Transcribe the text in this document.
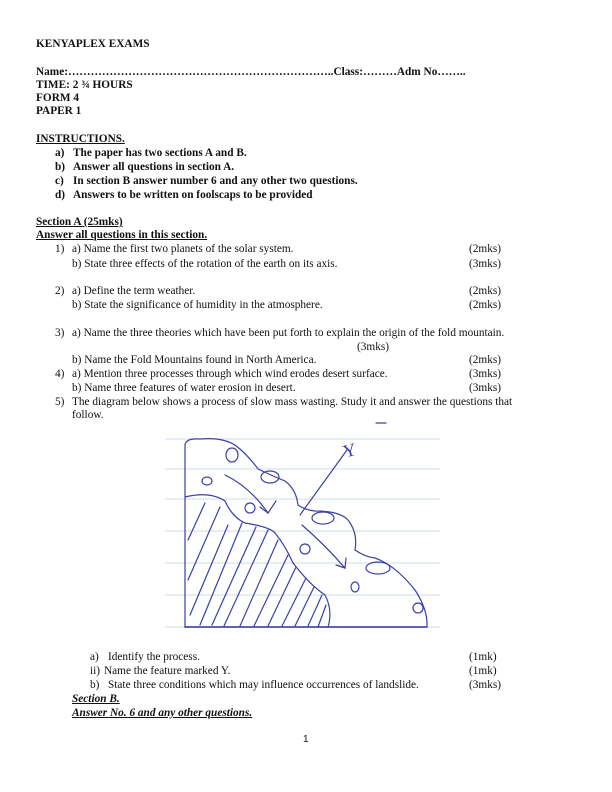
KENYAPLEX EXAMS
Name:……………………………………………………………..Class:………Adm No……..
TIME: 2 ¾ HOURS
FORM 4
PAPER 1
INSTRUCTIONS.
a) The paper has two sections A and B.
b) Answer all questions in section A.
c) In section B answer number 6 and any other two questions.
d) Answers to be written on foolscaps to be provided
Section A (25mks)
Answer all questions in this section.
1) a) Name the first two planets of the solar system.	(2mks)
b) State three effects of the rotation of the earth on its axis.	(3mks)
2) a) Define the term weather.	(2mks)
b) State the significance of humidity in the atmosphere.	(2mks)
3) a) Name the three theories which have been put forth to explain the origin of the fold mountain.
(3mks)
b) Name the Fold Mountains found in North America.	(2mks)
4) a) Mention three processes through which wind erodes desert surface.	(3mks)
b) Name three features of water erosion in desert.	(3mks)
5) The diagram below shows a process of slow mass wasting. Study it and answer the questions that
follow.
Y
a) Identify the process.	(1mk)
ii) Name the feature marked Y.	(1mk)
b) State three conditions which may influence occurrences of landslide.	(3mks)
Section B.
Answer No. 6 and any other questions.
1
